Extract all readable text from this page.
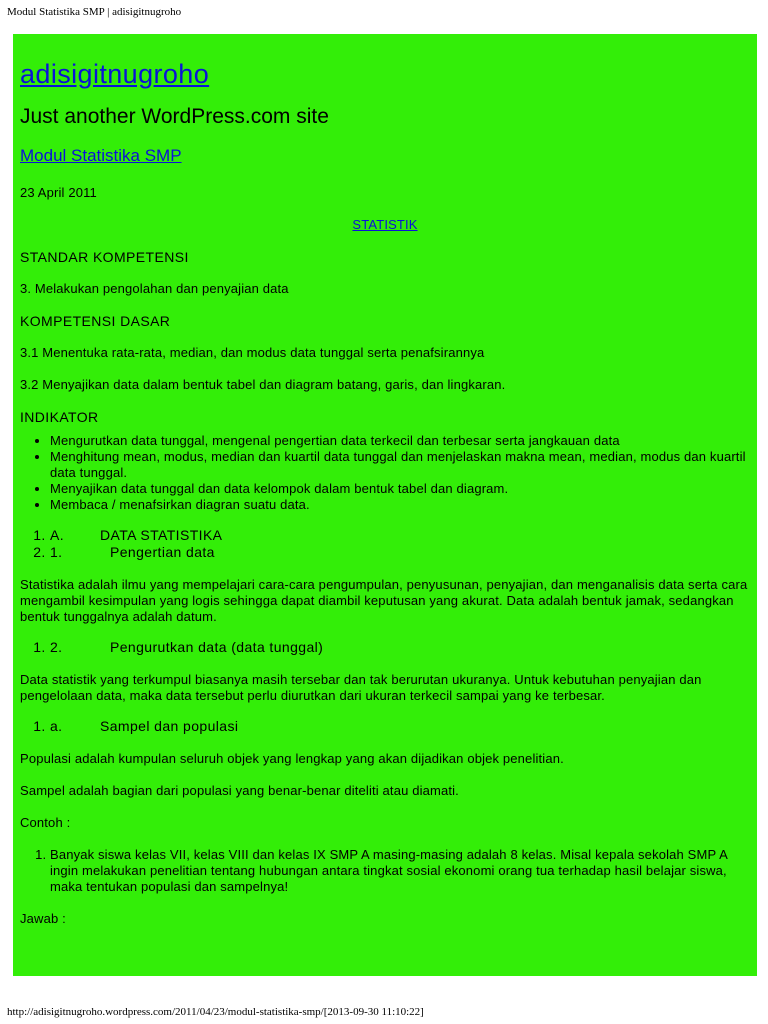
Modul Statistika SMP | adisigitnugroho
adisigitnugroho
Just another WordPress.com site
Modul Statistika SMP

23 April 2011

STATISTIK

STANDAR KOMPETENSI

3. Melakukan pengolahan dan penyajian data

KOMPETENSI DASAR

3.1 Menentuka rata-rata, median, dan modus data tunggal serta penafsirannya

3.2 Menyajikan data dalam bentuk tabel dan diagram batang, garis, dan lingkaran.

INDIKATOR

• Mengurutkan data tunggal, mengenal pengertian data terkecil dan terbesar serta jangkauan data
• Menghitung mean, modus, median dan kuartil data tunggal dan menjelaskan makna mean, median, modus dan kuartil data tunggal.
• Menyajikan data tunggal dan data kelompok dalam bentuk tabel dan diagram.
• Membaca / menafsirkan diagran suatu data.
1. A.	DATA STATISTIKA
2. 1.	Pengertian data

Statistika adalah ilmu yang mempelajari cara-cara pengumpulan, penyusunan, penyajian, dan menganalisis data serta cara mengambil kesimpulan yang logis sehingga dapat diambil keputusan yang akurat. Data adalah bentuk jamak, sedangkan bentuk tunggalnya adalah datum.

1. 2.	Pengurutkan data (data tunggal)

Data statistik yang terkumpul biasanya masih tersebar dan tak berurutan ukuranya. Untuk kebutuhan penyajian dan pengelolaan data, maka data tersebut perlu diurutkan dari ukuran terkecil sampai yang ke terbesar.

1. a.	Sampel dan populasi

Populasi adalah kumpulan seluruh objek yang lengkap yang akan dijadikan objek penelitian.

Sampel adalah bagian dari populasi yang benar-benar diteliti atau diamati.

Contoh :

1. Banyak siswa kelas VII, kelas VIII dan kelas IX SMP A masing-masing adalah 8 kelas. Misal kepala sekolah SMP A ingin melakukan penelitian tentang hubungan antara tingkat sosial ekonomi orang tua terhadap hasil belajar siswa, maka tentukan populasi dan sampelnya!

Jawab :

http://adisigitnugroho.wordpress.com/2011/04/23/modul-statistika-smp/[2013-09-30 11:10:22]
